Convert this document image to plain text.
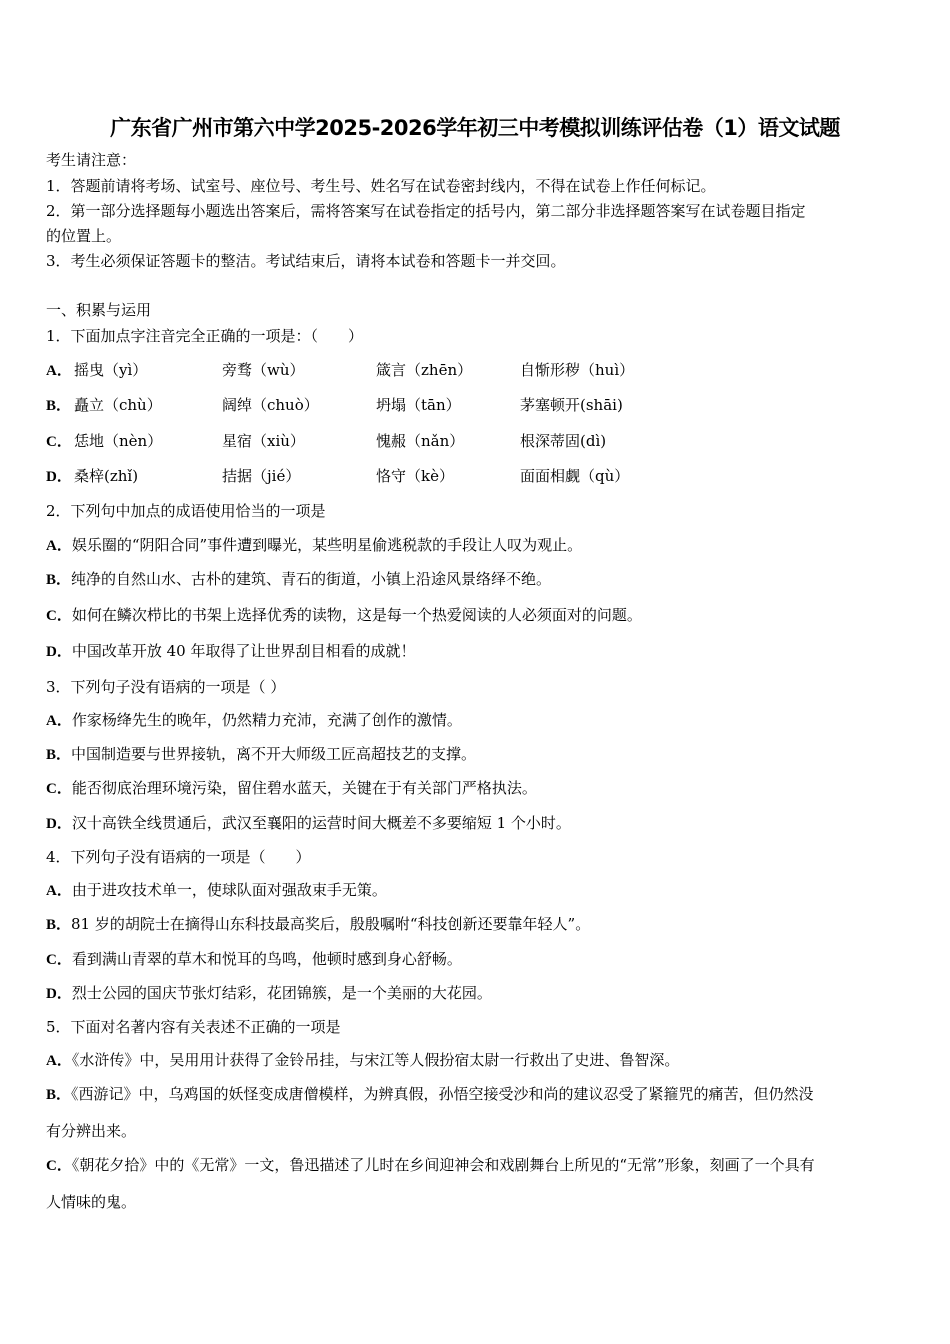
广东省广州市第六中学2025-2026学年初三中考模拟训练评估卷（1）语文试题
考生请注意：
1．答题前请将考场、试室号、座位号、考生号、姓名写在试卷密封线内，不得在试卷上作任何标记。
2．第一部分选择题每小题选出答案后，需将答案写在试卷指定的括号内，第二部分非选择题答案写在试卷题目指定
的位置上。
3．考生必须保证答题卡的整洁。考试结束后，请将本试卷和答题卡一并交回。
一、积累与运用
1．下面加点字注音完全正确的一项是：（　　）
A． 摇曳（yì）	旁骛（wù）	箴言（zhēn）	自惭形秽（huì）
B． 矗立（chù）	阔绰（chuò）	坍塌（tān）	茅塞顿开(shāi)
C． 恁地（nèn）	星宿（xiù）	愧赧（nǎn）	根深蒂固(dì)
D． 桑梓(zhǐ)	拮据（jié）	恪守（kè）	面面相觑（qù）
2．下列句中加点的成语使用恰当的一项是
A．娱乐圈的“阴阳合同”事件遭到曝光，某些明星偷逃税款的手段让人叹为观止。
B．纯净的自然山水、古朴的建筑、青石的街道，小镇上沿途风景络绎不绝。
C．如何在鳞次栉比的书架上选择优秀的读物，这是每一个热爱阅读的人必须面对的问题。
D．中国改革开放 40 年取得了让世界刮目相看的成就！
3．下列句子没有语病的一项是（ ）
A．作家杨绛先生的晚年，仍然精力充沛，充满了创作的激情。
B．中国制造要与世界接轨，离不开大师级工匠高超技艺的支撑。
C．能否彻底治理环境污染，留住碧水蓝天，关键在于有关部门严格执法。
D．汉十高铁全线贯通后，武汉至襄阳的运营时间大概差不多要缩短 1 个小时。
4．下列句子没有语病的一项是（　　）
A．由于进攻技术单一，使球队面对强敌束手无策。
B．81 岁的胡院士在摘得山东科技最高奖后，殷殷嘱咐“科技创新还要靠年轻人”。
C．看到满山青翠的草木和悦耳的鸟鸣，他顿时感到身心舒畅。
D．烈士公园的国庆节张灯结彩，花团锦簇，是一个美丽的大花园。
5．下面对名著内容有关表述不正确的一项是
A．《水浒传》中，吴用用计获得了金铃吊挂，与宋江等人假扮宿太尉一行救出了史进、鲁智深。
B．《西游记》中，乌鸡国的妖怪变成唐僧模样，为辨真假，孙悟空接受沙和尚的建议忍受了紧箍咒的痛苦，但仍然没
有分辨出来。
C．《朝花夕拾》中的《无常》一文，鲁迅描述了儿时在乡间迎神会和戏剧舞台上所见的“无常”形象，刻画了一个具有
人情味的鬼。
